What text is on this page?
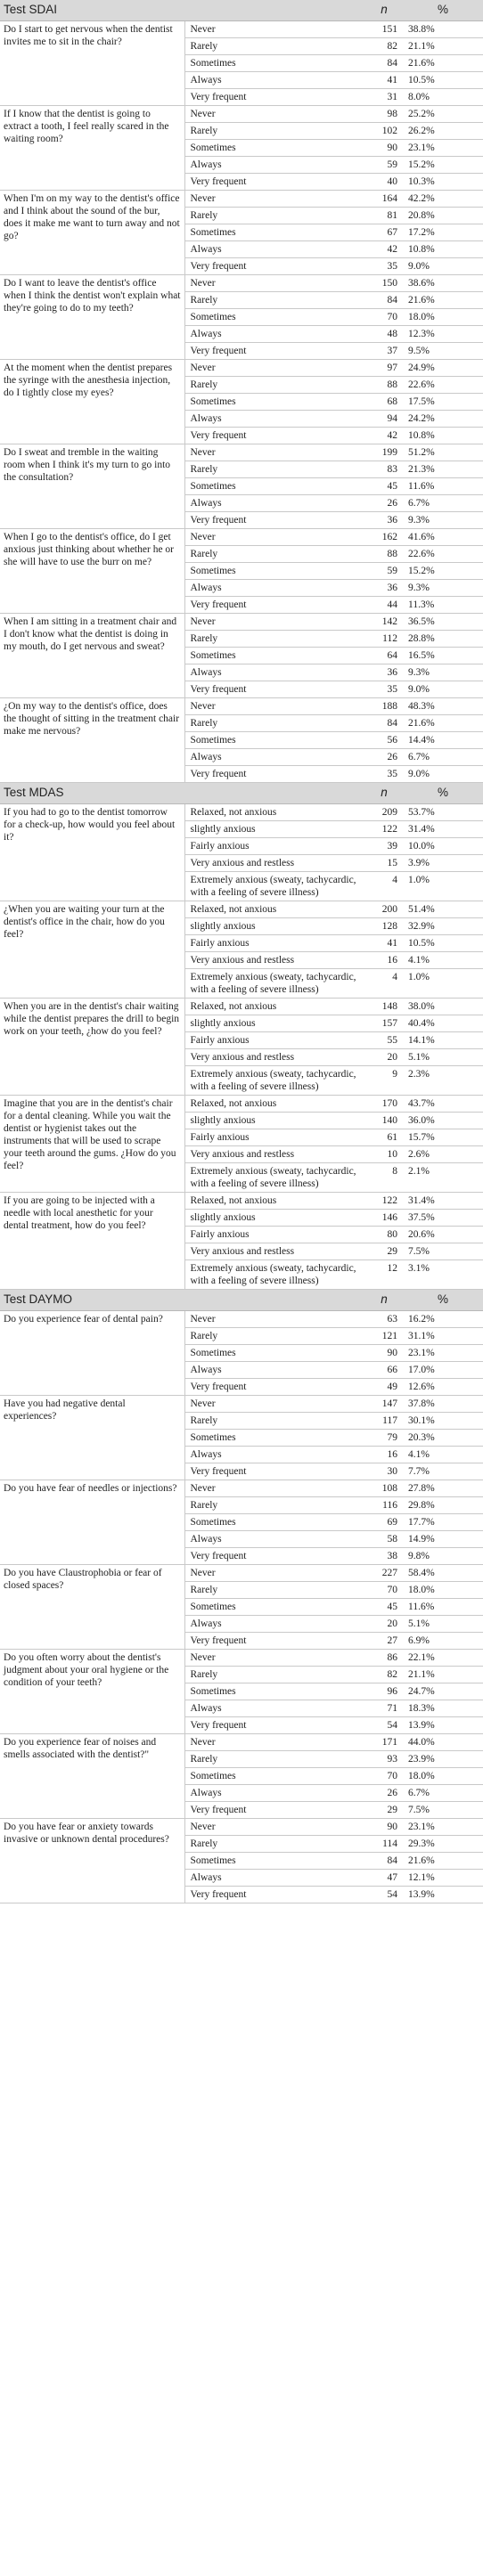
Test SDAI		n	%
Do I start to get nervous when the dentist invites me to sit in the chair?	Never	151	38.8%
	Rarely	82	21.1%
	Sometimes	84	21.6%
	Always	41	10.5%
	Very frequent	31	8.0%
If I know that the dentist is going to extract a tooth, I feel really scared in the waiting room?	Never	98	25.2%
	Rarely	102	26.2%
	Sometimes	90	23.1%
	Always	59	15.2%
	Very frequent	40	10.3%
When I'm on my way to the dentist's office and I think about the sound of the bur, does it make me want to turn away and not go?	Never	164	42.2%
	Rarely	81	20.8%
	Sometimes	67	17.2%
	Always	42	10.8%
	Very frequent	35	9.0%
Do I want to leave the dentist's office when I think the dentist won't explain what they're going to do to my teeth?	Never	150	38.6%
	Rarely	84	21.6%
	Sometimes	70	18.0%
	Always	48	12.3%
	Very frequent	37	9.5%
At the moment when the dentist prepares the syringe with the anesthesia injection, do I tightly close my eyes?	Never	97	24.9%
	Rarely	88	22.6%
	Sometimes	68	17.5%
	Always	94	24.2%
	Very frequent	42	10.8%
Do I sweat and tremble in the waiting room when I think it's my turn to go into the consultation?	Never	199	51.2%
	Rarely	83	21.3%
	Sometimes	45	11.6%
	Always	26	6.7%
	Very frequent	36	9.3%
When I go to the dentist's office, do I get anxious just thinking about whether he or she will have to use the burr on me?	Never	162	41.6%
	Rarely	88	22.6%
	Sometimes	59	15.2%
	Always	36	9.3%
	Very frequent	44	11.3%
When I am sitting in a treatment chair and I don't know what the dentist is doing in my mouth, do I get nervous and sweat?	Never	142	36.5%
	Rarely	112	28.8%
	Sometimes	64	16.5%
	Always	36	9.3%
	Very frequent	35	9.0%
¿On my way to the dentist's office, does the thought of sitting in the treatment chair make me nervous?	Never	188	48.3%
	Rarely	84	21.6%
	Sometimes	56	14.4%
	Always	26	6.7%
	Very frequent	35	9.0%
Test MDAS		n	%
If you had to go to the dentist tomorrow for a check-up, how would you feel about it?	Relaxed, not anxious	209	53.7%
	slightly anxious	122	31.4%
	Fairly anxious	39	10.0%
	Very anxious and restless	15	3.9%
	Extremely anxious (sweaty, tachycardic, with a feeling of severe illness)	4	1.0%
¿When you are waiting your turn at the dentist's office in the chair, how do you feel?	Relaxed, not anxious	200	51.4%
	slightly anxious	128	32.9%
	Fairly anxious	41	10.5%
	Very anxious and restless	16	4.1%
	Extremely anxious (sweaty, tachycardic, with a feeling of severe illness)	4	1.0%
When you are in the dentist's chair waiting while the dentist prepares the drill to begin work on your teeth, ¿how do you feel?	Relaxed, not anxious	148	38.0%
	slightly anxious	157	40.4%
	Fairly anxious	55	14.1%
	Very anxious and restless	20	5.1%
	Extremely anxious (sweaty, tachycardic, with a feeling of severe illness)	9	2.3%
Imagine that you are in the dentist's chair for a dental cleaning. While you wait the dentist or hygienist takes out the instruments that will be used to scrape your teeth around the gums. ¿How do you feel?	Relaxed, not anxious	170	43.7%
	slightly anxious	140	36.0%
	Fairly anxious	61	15.7%
	Very anxious and restless	10	2.6%
	Extremely anxious (sweaty, tachycardic, with a feeling of severe illness)	8	2.1%
If you are going to be injected with a needle with local anesthetic for your dental treatment, how do you feel?	Relaxed, not anxious	122	31.4%
	slightly anxious	146	37.5%
	Fairly anxious	80	20.6%
	Very anxious and restless	29	7.5%
	Extremely anxious (sweaty, tachycardic, with a feeling of severe illness)	12	3.1%
Test DAYMO		n	%
Do you experience fear of dental pain?	Never	63	16.2%
	Rarely	121	31.1%
	Sometimes	90	23.1%
	Always	66	17.0%
	Very frequent	49	12.6%
Have you had negative dental experiences?	Never	147	37.8%
	Rarely	117	30.1%
	Sometimes	79	20.3%
	Always	16	4.1%
	Very frequent	30	7.7%
Do you have fear of needles or injections?	Never	108	27.8%
	Rarely	116	29.8%
	Sometimes	69	17.7%
	Always	58	14.9%
	Very frequent	38	9.8%
Do you have Claustrophobia or fear of closed spaces?	Never	227	58.4%
	Rarely	70	18.0%
	Sometimes	45	11.6%
	Always	20	5.1%
	Very frequent	27	6.9%
Do you often worry about the dentist's judgment about your oral hygiene or the condition of your teeth?	Never	86	22.1%
	Rarely	82	21.1%
	Sometimes	96	24.7%
	Always	71	18.3%
	Very frequent	54	13.9%
Do you experience fear of noises and smells associated with the dentist?"	Never	171	44.0%
	Rarely	93	23.9%
	Sometimes	70	18.0%
	Always	26	6.7%
	Very frequent	29	7.5%
Do you have fear or anxiety towards invasive or unknown dental procedures?	Never	90	23.1%
	Rarely	114	29.3%
	Sometimes	84	21.6%
	Always	47	12.1%
	Very frequent	54	13.9%
